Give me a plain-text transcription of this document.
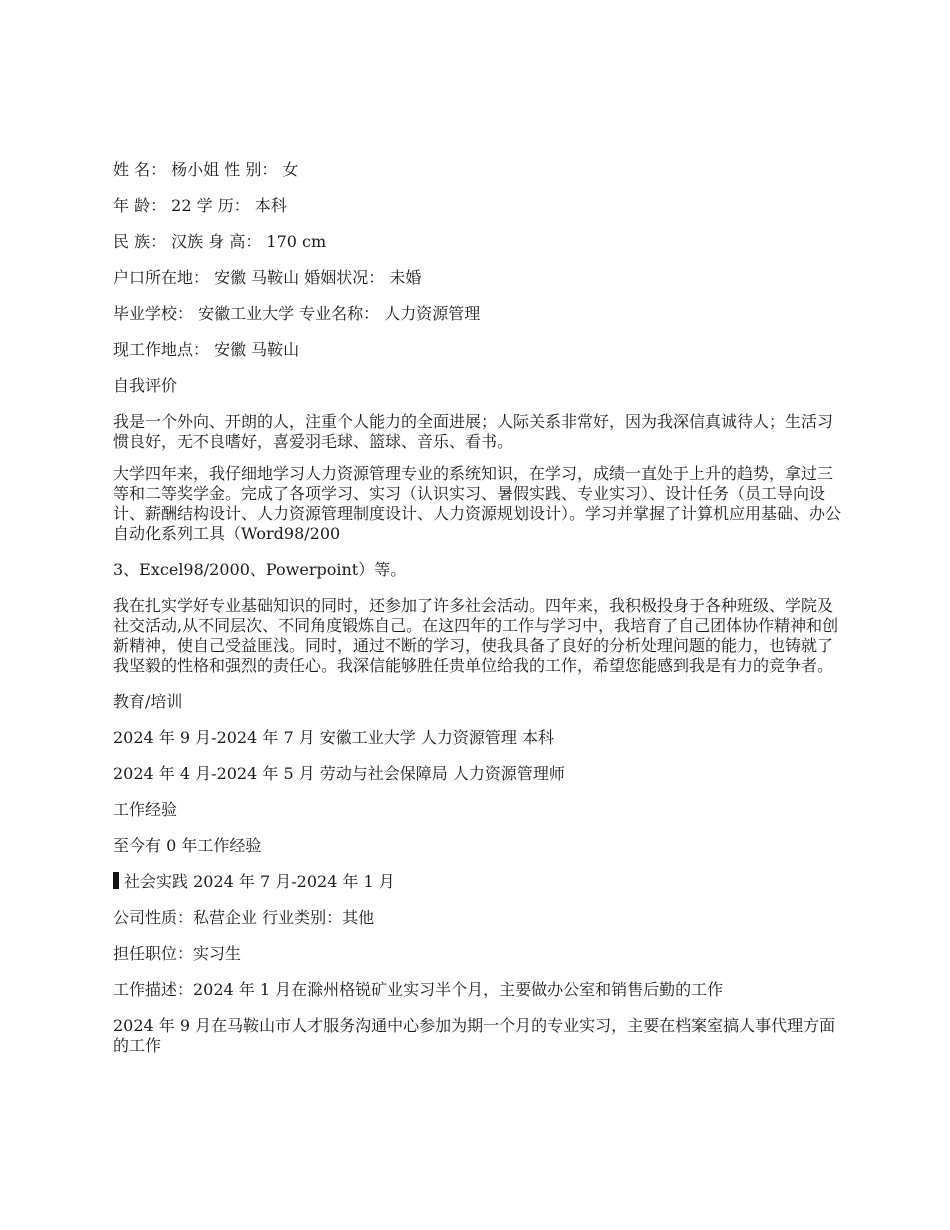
姓 名： 杨小姐 性 别： 女

年 龄： 22 学 历： 本科

民 族： 汉族 身 高： 170 cm

户口所在地： 安徽 马鞍山 婚姻状况： 未婚

毕业学校： 安徽工业大学 专业名称： 人力资源管理

现工作地点： 安徽 马鞍山

自我评价

我是一个外向、开朗的人，注重个人能力的全面进展；人际关系非常好，因为我深信真诚待人；生活习惯良好，无不良嗜好，喜爱羽毛球、篮球、音乐、看书。

大学四年来，我仔细地学习人力资源管理专业的系统知识，在学习，成绩一直处于上升的趋势，拿过三等和二等奖学金。完成了各项学习、实习（认识实习、暑假实践、专业实习）、设计任务（员工导向设计、薪酬结构设计、人力资源管理制度设计、人力资源规划设计）。学习并掌握了计算机应用基础、办公自动化系列工具（Word98/200

3、Excel98/2000、Powerpoint）等。

我在扎实学好专业基础知识的同时，还参加了许多社会活动。四年来，我积极投身于各种班级、学院及社交活动,从不同层次、不同角度锻炼自己。在这四年的工作与学习中，我培育了自己团体协作精神和创新精神，使自己受益匪浅。同时，通过不断的学习，使我具备了良好的分析处理问题的能力，也铸就了我坚毅的性格和强烈的责任心。我深信能够胜任贵单位给我的工作，希望您能感到我是有力的竞争者。

教育/培训

2024 年 9 月-2024 年 7 月 安徽工业大学 人力资源管理 本科

2024 年 4 月-2024 年 5 月 劳动与社会保障局 人力资源管理师

工作经验

至今有 0 年工作经验

社会实践 2024 年 7 月-2024 年 1 月

公司性质：私营企业 行业类别：其他

担任职位：实习生

工作描述：2024 年 1 月在滁州格锐矿业实习半个月，主要做办公室和销售后勤的工作

2024 年 9 月在马鞍山市人才服务沟通中心参加为期一个月的专业实习，主要在档案室搞人事代理方面的工作
